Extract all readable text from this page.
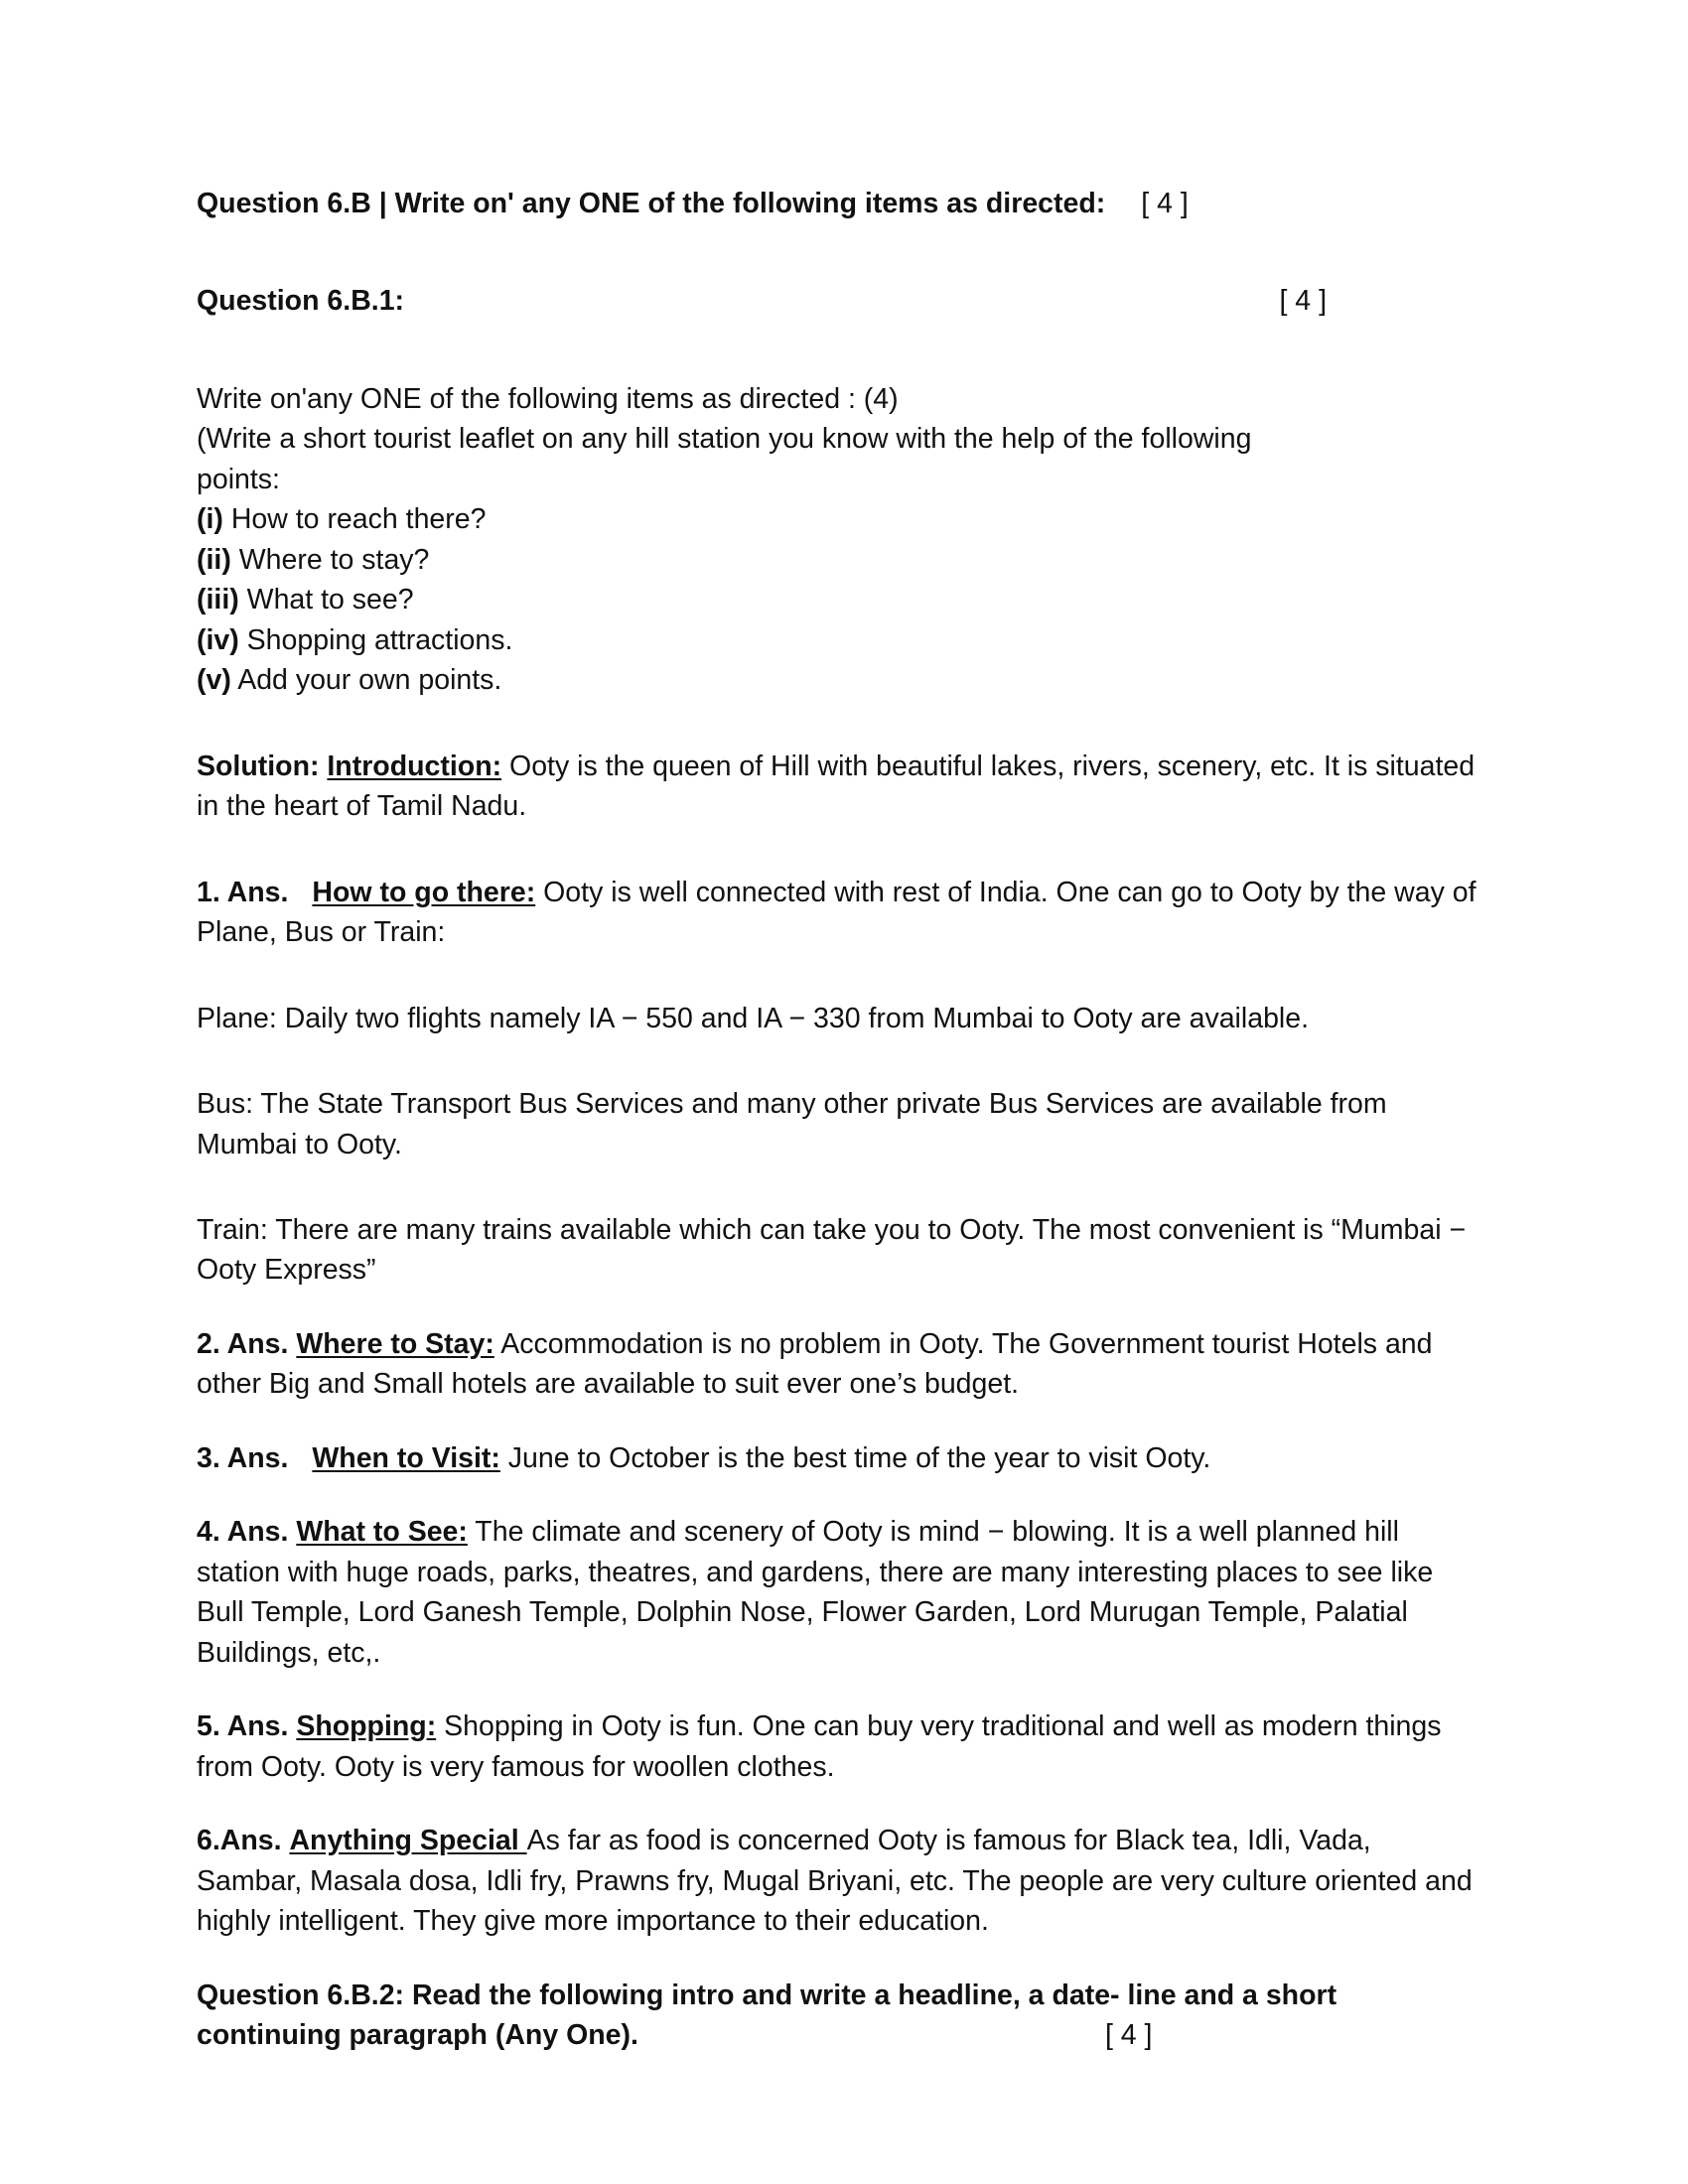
Question 6.B | Write on' any ONE of the following items as directed: [ 4 ]
Question 6.B.1:	[ 4 ]
Write on'any ONE of the following items as directed : (4)
(Write a short tourist leaflet on any hill station you know with the help of the following
points:
(i) How to reach there?
(ii) Where to stay?
(iii) What to see?
(iv) Shopping attractions.
(v) Add your own points.
Solution: Introduction: Ooty is the queen of Hill with beautiful lakes, rivers, scenery, etc. It is situated in the heart of Tamil Nadu.
1. Ans. How to go there: Ooty is well connected with rest of India. One can go to Ooty by the way of Plane, Bus or Train:
Plane: Daily two flights namely IA − 550 and IA − 330 from Mumbai to Ooty are available.
Bus: The State Transport Bus Services and many other private Bus Services are available from Mumbai to Ooty.
Train: There are many trains available which can take you to Ooty. The most convenient is “Mumbai − Ooty Express”
2. Ans. Where to Stay: Accommodation is no problem in Ooty. The Government tourist Hotels and other Big and Small hotels are available to suit ever one’s budget.
3. Ans. When to Visit: June to October is the best time of the year to visit Ooty.
4. Ans. What to See: The climate and scenery of Ooty is mind − blowing. It is a well planned hill station with huge roads, parks, theatres, and gardens, there are many interesting places to see like Bull Temple, Lord Ganesh Temple, Dolphin Nose, Flower Garden, Lord Murugan Temple, Palatial Buildings, etc,.
5. Ans. Shopping: Shopping in Ooty is fun. One can buy very traditional and well as modern things from Ooty. Ooty is very famous for woollen clothes.
6.Ans. Anything Special As far as food is concerned Ooty is famous for Black tea, Idli, Vada, Sambar, Masala dosa, Idli fry, Prawns fry, Mugal Briyani, etc. The people are very culture oriented and highly intelligent. They give more importance to their education.
Question 6.B.2: Read the following intro and write a headline, a date- line and a short
continuing paragraph (Any One).	[ 4 ]
